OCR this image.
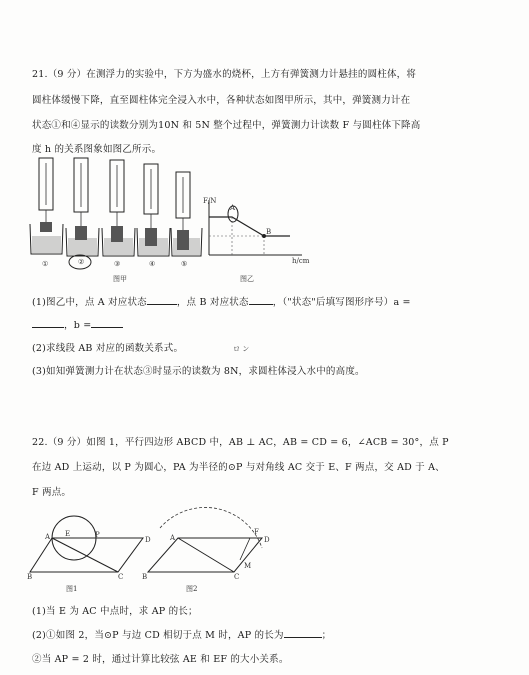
21.（9 分）在测浮力的实验中，下方为盛水的烧杯，上方有弹簧测力计悬挂的圆柱体，将
圆柱体缓慢下降，直至圆柱体完全浸入水中，各种状态如图甲所示，其中，弹簧测力计在
状态①和④显示的读数分别为10N 和 5N 整个过程中，弹簧测力计读数 F 与圆柱体下降高
度 h 的关系图象如图乙所示。
①	②	③	④	⑤
图甲
F/N
h/cm
A
B
图乙
(1)图乙中，点 A 对应状态	，点 B 对应状态	，（"状态"后填写图形序号）a =
，b =
(2)求线段 AB 对应的函数关系式。	ロ ン
(3)如知弹簧测力计在状态③时显示的读数为 8N，求圆柱体浸入水中的高度。
22.（9 分）如图 1，平行四边形 ABCD 中，AB ⊥ AC，AB = CD = 6，∠ACB = 30°，点 P
在边 AD 上运动，以 P 为圆心，PA 为半径的⊙P 与对角线 AC 交于 E、F 两点，交 AD 于 A、
F 两点。
A E	P
D
B	C
图1
A
F
D
B	C
M
图2
(1)当 E 为 AC 中点时，求 AP 的长；
(2)①如图 2，当⊙P 与边 CD 相切于点 M 时，AP 的长为	；
②当 AP = 2 时，通过计算比较弦 AE 和 EF 的大小关系。
